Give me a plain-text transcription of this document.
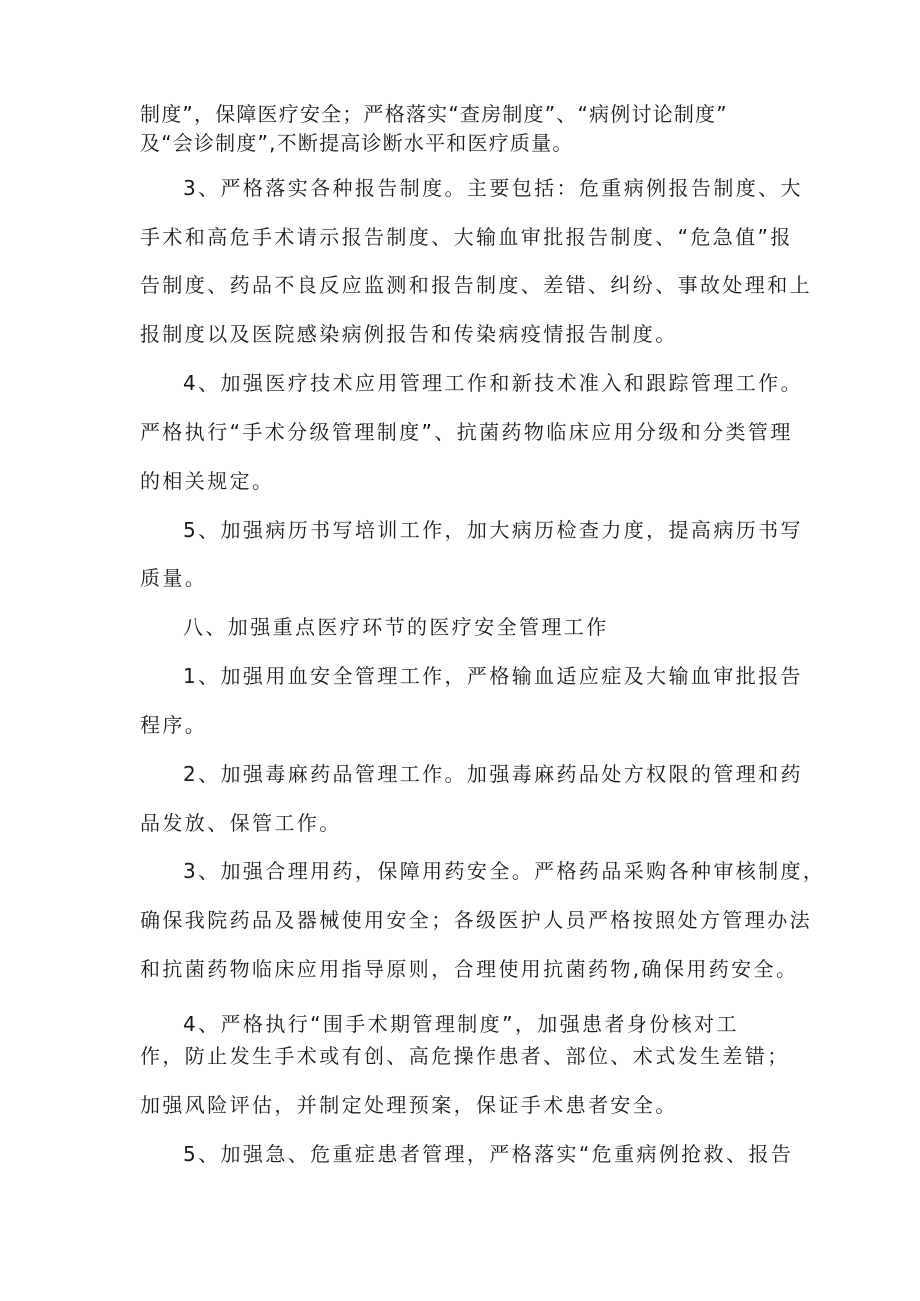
制度”，保障医疗安全；严格落实“查房制度”、“病例讨论制度”
及“会诊制度”,不断提高诊断水平和医疗质量。
3、严格落实各种报告制度。主要包括：危重病例报告制度、大
手术和高危手术请示报告制度、大输血审批报告制度、“危急值”报
告制度、药品不良反应监测和报告制度、差错、纠纷、事故处理和上
报制度以及医院感染病例报告和传染病疫情报告制度。
4、加强医疗技术应用管理工作和新技术准入和跟踪管理工作。
严格执行“手术分级管理制度”、抗菌药物临床应用分级和分类管理
的相关规定。
5、加强病历书写培训工作，加大病历检查力度，提高病历书写
质量。
八、加强重点医疗环节的医疗安全管理工作
1、加强用血安全管理工作，严格输血适应症及大输血审批报告
程序。
2、加强毒麻药品管理工作。加强毒麻药品处方权限的管理和药
品发放、保管工作。
3、加强合理用药，保障用药安全。严格药品采购各种审核制度，
确保我院药品及器械使用安全；各级医护人员严格按照处方管理办法
和抗菌药物临床应用指导原则，合理使用抗菌药物,确保用药安全。
4、严格执行“围手术期管理制度”，加强患者身份核对工
作，防止发生手术或有创、高危操作患者、部位、术式发生差错；
加强风险评估，并制定处理预案，保证手术患者安全。
5、加强急、危重症患者管理，严格落实“危重病例抢救、报告
